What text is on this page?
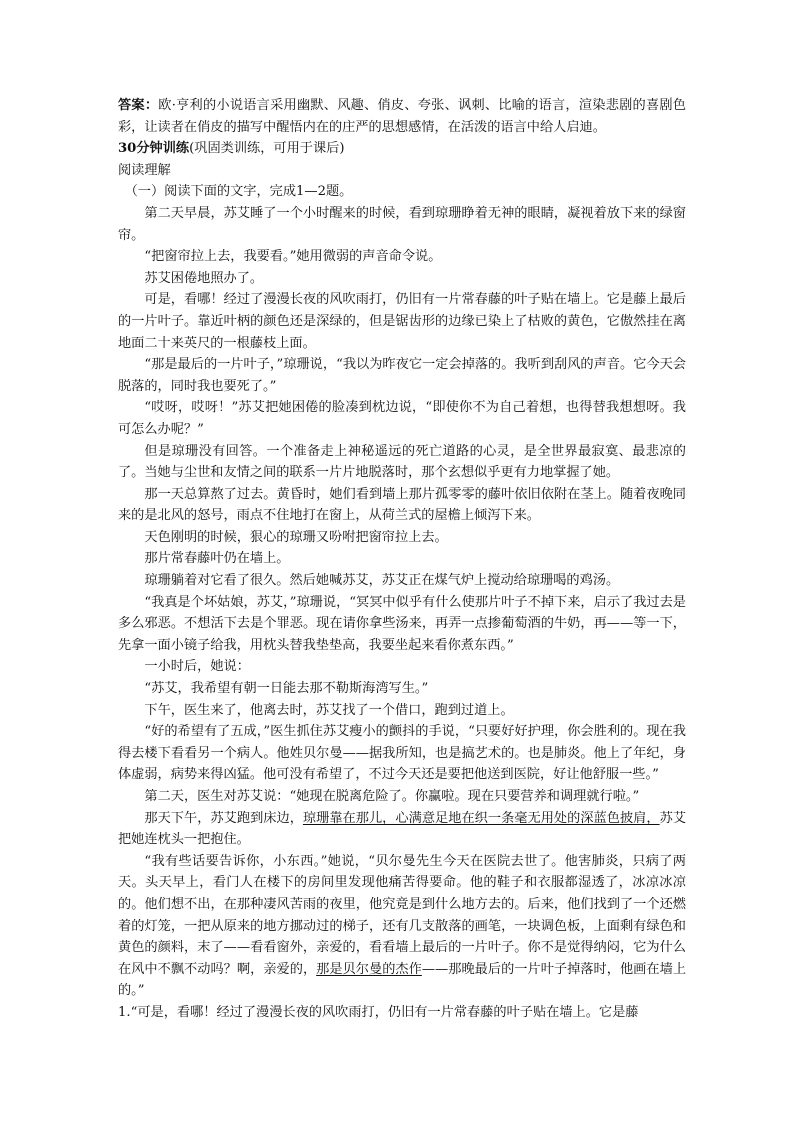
答案：欧·亨利的小说语言采用幽默、风趣、俏皮、夸张、讽刺、比喻的语言，渲染悲剧的喜剧色彩，让读者在俏皮的描写中醒悟内在的庄严的思想感情，在活泼的语言中给人启迪。

30分钟训练(巩固类训练，可用于课后)

阅读理解

（一）阅读下面的文字，完成1—2题。

第二天早晨，苏艾睡了一个小时醒来的时候，看到琼珊睁着无神的眼睛，凝视着放下来的绿窗帘。

“把窗帘拉上去，我要看。”她用微弱的声音命令说。

苏艾困倦地照办了。

可是，看哪！经过了漫漫长夜的风吹雨打，仍旧有一片常春藤的叶子贴在墙上。它是藤上最后的一片叶子。靠近叶柄的颜色还是深绿的，但是锯齿形的边缘已染上了枯败的黄色，它傲然挂在离地面二十来英尺的一根藤枝上面。

“那是最后的一片叶子，”琼珊说，“我以为昨夜它一定会掉落的。我听到刮风的声音。它今天会脱落的，同时我也要死了。”

“哎呀，哎呀！”苏艾把她困倦的脸凑到枕边说，“即使你不为自己着想，也得替我想想呀。我可怎么办呢？”

但是琼珊没有回答。一个准备走上神秘遥远的死亡道路的心灵，是全世界最寂寞、最悲凉的了。当她与尘世和友情之间的联系一片片地脱落时，那个玄想似乎更有力地掌握了她。

那一天总算熬了过去。黄昏时，她们看到墙上那片孤零零的藤叶依旧依附在茎上。随着夜晚同来的是北风的怒号，雨点不住地打在窗上，从荷兰式的屋檐上倾泻下来。

天色刚明的时候，狠心的琼珊又吩咐把窗帘拉上去。

那片常春藤叶仍在墙上。

琼珊躺着对它看了很久。然后她喊苏艾，苏艾正在煤气炉上搅动给琼珊喝的鸡汤。

“我真是个坏姑娘，苏艾，”琼珊说，“冥冥中似乎有什么使那片叶子不掉下来，启示了我过去是多么邪恶。不想活下去是个罪恶。现在请你拿些汤来，再弄一点掺葡萄酒的牛奶，再——等一下，先拿一面小镜子给我，用枕头替我垫垫高，我要坐起来看你煮东西。”

一小时后，她说：

“苏艾，我希望有朝一日能去那不勒斯海湾写生。”

下午，医生来了，他离去时，苏艾找了一个借口，跑到过道上。

“好的希望有了五成，”医生抓住苏艾瘦小的颤抖的手说，“只要好好护理，你会胜利的。现在我得去楼下看看另一个病人。他姓贝尔曼——据我所知，也是搞艺术的。也是肺炎。他上了年纪，身体虚弱，病势来得凶猛。他可没有希望了，不过今天还是要把他送到医院，好让他舒服一些。”

第二天，医生对苏艾说：“她现在脱离危险了。你赢啦。现在只要营养和调理就行啦。”

那天下午，苏艾跑到床边，琼珊靠在那儿，心满意足地在织一条毫无用处的深蓝色披肩，苏艾把她连枕头一把抱住。

“我有些话要告诉你，小东西。”她说，“贝尔曼先生今天在医院去世了。他害肺炎，只病了两天。头天早上，看门人在楼下的房间里发现他痛苦得要命。他的鞋子和衣服都湿透了，冰凉冰凉的。他们想不出，在那种凄风苦雨的夜里，他究竟是到什么地方去的。后来，他们找到了一个还燃着的灯笼，一把从原来的地方挪动过的梯子，还有几支散落的画笔，一块调色板，上面剩有绿色和黄色的颜料，末了——看看窗外，亲爱的，看看墙上最后的一片叶子。你不是觉得纳闷，它为什么在风中不飘不动吗？啊，亲爱的，那是贝尔曼的杰作——那晚最后的一片叶子掉落时，他画在墙上的。”

1.“可是，看哪！经过了漫漫长夜的风吹雨打，仍旧有一片常春藤的叶子贴在墙上。它是藤
